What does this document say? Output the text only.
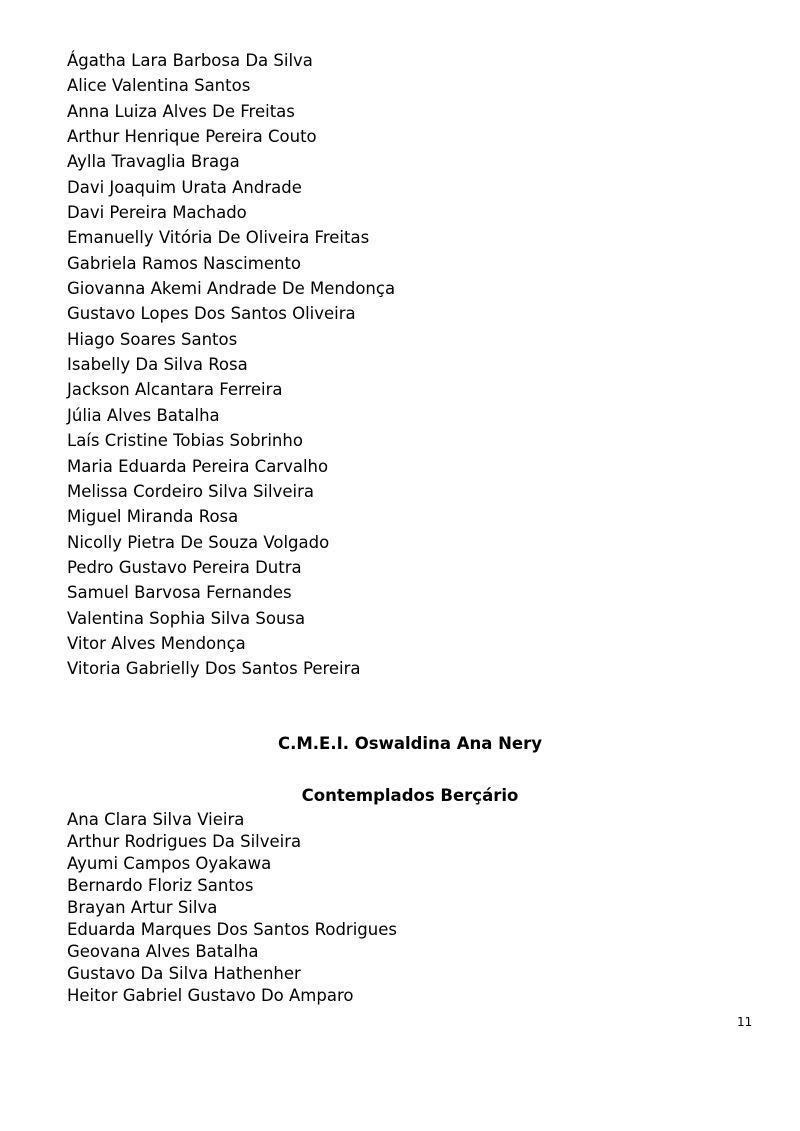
Ágatha Lara Barbosa Da Silva
Alice Valentina Santos
Anna Luiza Alves De Freitas
Arthur Henrique Pereira Couto
Aylla Travaglia Braga
Davi Joaquim Urata Andrade
Davi Pereira Machado
Emanuelly Vitória De Oliveira Freitas
Gabriela Ramos Nascimento
Giovanna Akemi Andrade De Mendonça
Gustavo Lopes Dos Santos Oliveira
Hiago Soares Santos
Isabelly Da Silva Rosa
Jackson Alcantara Ferreira
Júlia Alves Batalha
Laís Cristine Tobias Sobrinho
Maria Eduarda Pereira Carvalho
Melissa Cordeiro Silva Silveira
Miguel Miranda Rosa
Nicolly Pietra De Souza Volgado
Pedro Gustavo Pereira Dutra
Samuel Barvosa Fernandes
Valentina Sophia Silva Sousa
Vitor Alves Mendonça
Vitoria Gabrielly Dos Santos Pereira
C.M.E.I. Oswaldina Ana Nery
Contemplados Berçário
Ana Clara Silva Vieira
Arthur Rodrigues Da Silveira
Ayumi Campos Oyakawa
Bernardo Floriz Santos
Brayan Artur Silva
Eduarda Marques Dos Santos Rodrigues
Geovana Alves Batalha
Gustavo Da Silva Hathenher
Heitor Gabriel Gustavo Do Amparo
11
